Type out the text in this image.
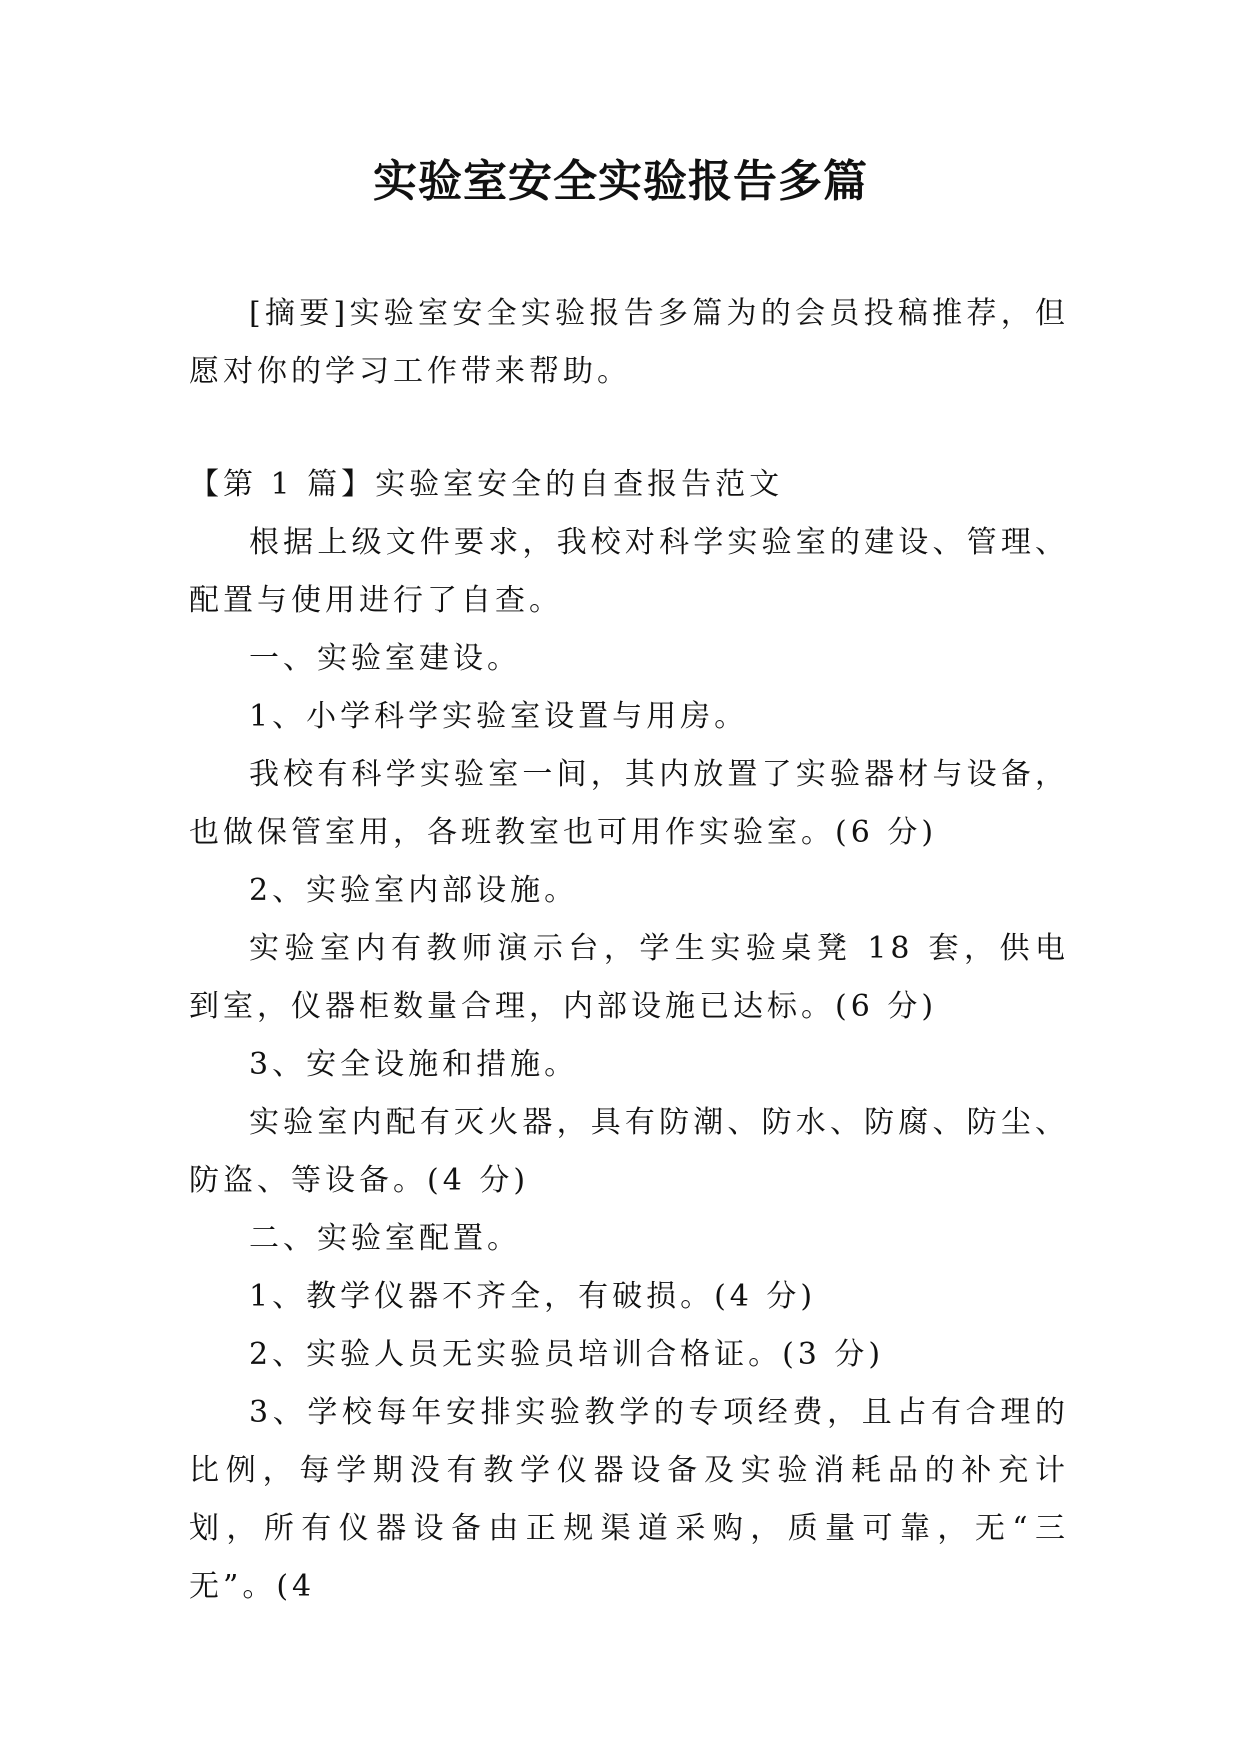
实验室安全实验报告多篇

[摘要]实验室安全实验报告多篇为的会员投稿推荐，但愿对你的学习工作带来帮助。

【第 1 篇】实验室安全的自查报告范文

根据上级文件要求，我校对科学实验室的建设、管理、配置与使用进行了自查。

一、实验室建设。

1、小学科学实验室设置与用房。

我校有科学实验室一间，其内放置了实验器材与设备，也做保管室用，各班教室也可用作实验室。(6 分)

2、实验室内部设施。

实验室内有教师演示台，学生实验桌凳 18 套，供电到室，仪器柜数量合理，内部设施已达标。(6 分)

3、安全设施和措施。

实验室内配有灭火器，具有防潮、防水、防腐、防尘、防盗、等设备。(4 分)

二、实验室配置。

1、教学仪器不齐全，有破损。(4 分)

2、实验人员无实验员培训合格证。(3 分)

3、学校每年安排实验教学的专项经费，且占有合理的比例，每学期没有教学仪器设备及实验消耗品的补充计划，所有仪器设备由正规渠道采购，质量可靠，无“三无”。(4
